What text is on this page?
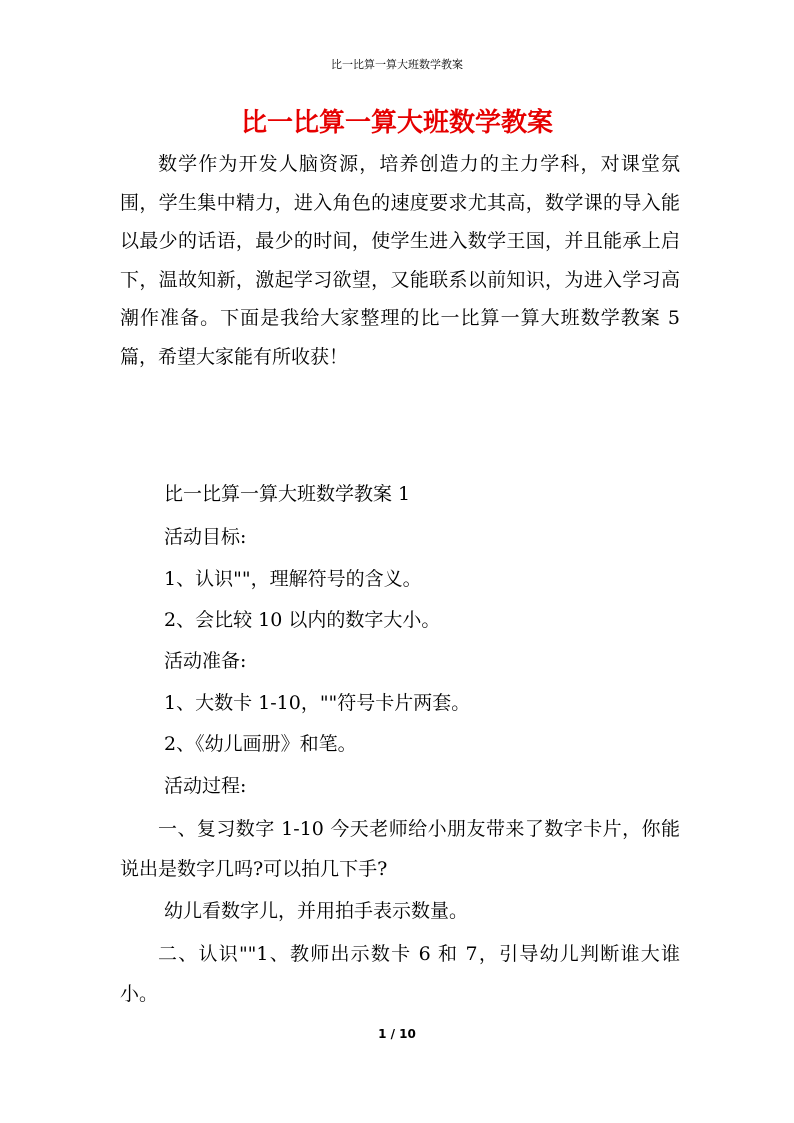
比一比算一算大班数学教案
比一比算一算大班数学教案

数学作为开发人脑资源，培养创造力的主力学科，对课堂氛围，学生集中精力，进入角色的速度要求尤其高，数学课的导入能以最少的话语，最少的时间，使学生进入数学王国，并且能承上启下，温故知新，激起学习欲望，又能联系以前知识，为进入学习高潮作准备。下面是我给大家整理的比一比算一算大班数学教案 5 篇，希望大家能有所收获！

比一比算一算大班数学教案 1

活动目标:

1、认识""，理解符号的含义。

2、会比较 10 以内的数字大小。

活动准备:

1、大数卡 1-10，""符号卡片两套。

2、《幼儿画册》和笔。

活动过程:

一、复习数字 1-10 今天老师给小朋友带来了数字卡片，你能说出是数字几吗?可以拍几下手?

幼儿看数字儿，并用拍手表示数量。

二、认识""1、教师出示数卡 6 和 7，引导幼儿判断谁大谁小。

1 / 10
